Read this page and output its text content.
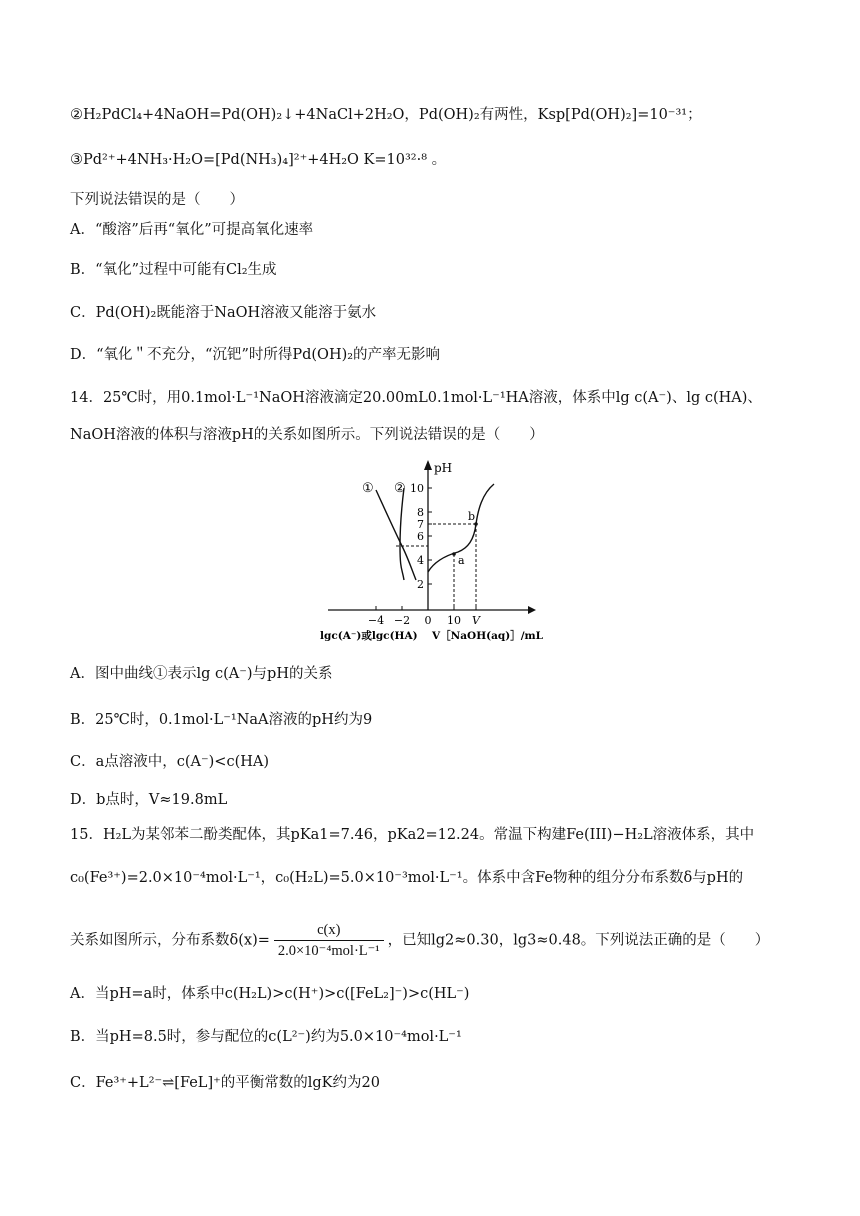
②H₂PdCl₄+4NaOH=Pd(OH)₂↓+4NaCl+2H₂O，Pd(OH)₂有两性，Ksp[Pd(OH)₂]=10⁻³¹；
③Pd²⁺+4NH₃·H₂O=[Pd(NH₃)₄]²⁺+4H₂O K=10³²·⁸ 。
下列说法错误的是（　　）
A．“酸溶”后再“氧化”可提高氧化速率
B．“氧化”过程中可能有Cl₂生成
C．Pd(OH)₂既能溶于NaOH溶液又能溶于氨水
D．“氧化＂不充分，“沉钯”时所得Pd(OH)₂的产率无影响
14．25℃时，用0.1mol·L⁻¹NaOH溶液滴定20.00mL0.1mol·L⁻¹HA溶液，体系中lg c(A⁻)、lg c(HA)、
NaOH溶液的体积与溶液pH的关系如图所示。下列说法错误的是（　　）
A．图中曲线①表示lg c(A⁻)与pH的关系
B．25℃时，0.1mol·L⁻¹NaA溶液的pH约为9
C．a点溶液中，c(A⁻)<c(HA)
D．b点时，V≈19.8mL
15．H₂L为某邻苯二酚类配体，其pKa1=7.46，pKa2=12.24。常温下构建Fe(III)−H₂L溶液体系，其中
c₀(Fe³⁺)=2.0×10⁻⁴mol·L⁻¹，c₀(H₂L)=5.0×10⁻³mol·L⁻¹。体系中含Fe物种的组分分布系数δ与pH的
A．当pH=a时，体系中c(H₂L)>c(H⁺)>c([FeL₂]⁻)>c(HL⁻)
B．当pH=8.5时，参与配位的c(L²⁻)约为5.0×10⁻⁴mol·L⁻¹
C．Fe³⁺+L²⁻⇌[FeL]⁺的平衡常数的lgK约为20
关系如图所示，分布系数$\delta(x)= \frac{c(x)}{\text{2.0×10⁻⁴mol·L⁻¹}}$ ，已知lg2≈0.30，lg3≈0.48。下列说法正确的是（　　）
pH
2
4
6
7
8
10
−4 −2 0 10 V
① ②
a
b
lgc(A⁻)或lgc(HA) V［NaOH(aq)］/mL
